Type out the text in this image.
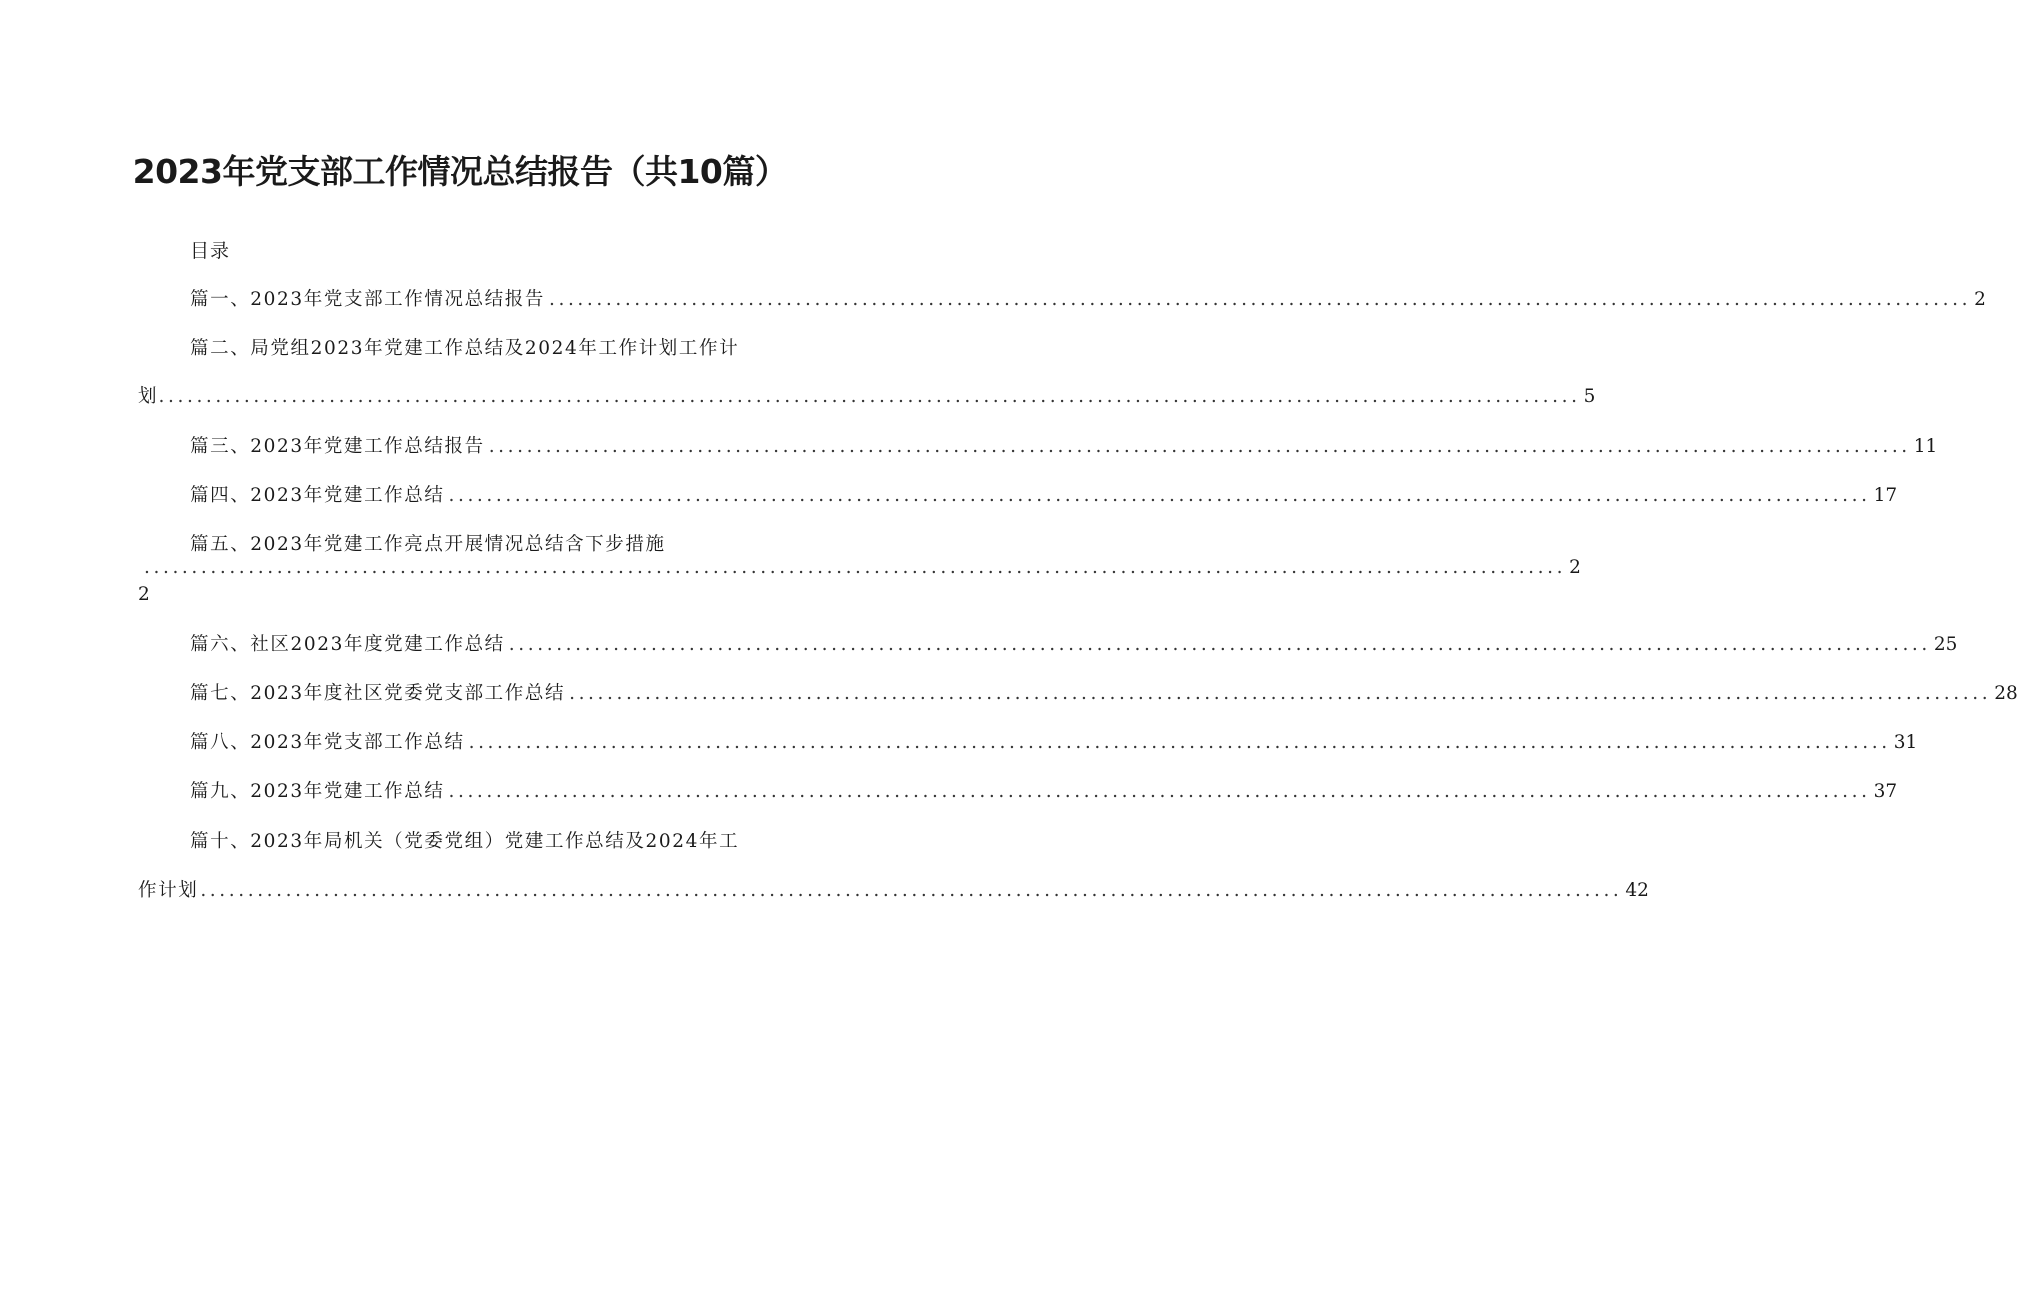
2023年党支部工作情况总结报告（共10篇）
目录
篇一、2023年党支部工作情况总结报告 ...................................................................................................................................................... 2
篇二、局党组2023年党建工作总结及2024年工作计划工作计
划 ...................................................................................................................................................... 5
篇三、2023年党建工作总结报告 ...................................................................................................................................................... 11
篇四、2023年党建工作总结 ...................................................................................................................................................... 17
篇五、2023年党建工作亮点开展情况总结含下步措施
...................................................................................................................................................... 2
2
篇六、社区2023年度党建工作总结 ...................................................................................................................................................... 25
篇七、2023年度社区党委党支部工作总结 ...................................................................................................................................................... 28
篇八、2023年党支部工作总结 ...................................................................................................................................................... 31
篇九、2023年党建工作总结 ...................................................................................................................................................... 37
篇十、2023年局机关（党委党组）党建工作总结及2024年工
作计划 ...................................................................................................................................................... 42
